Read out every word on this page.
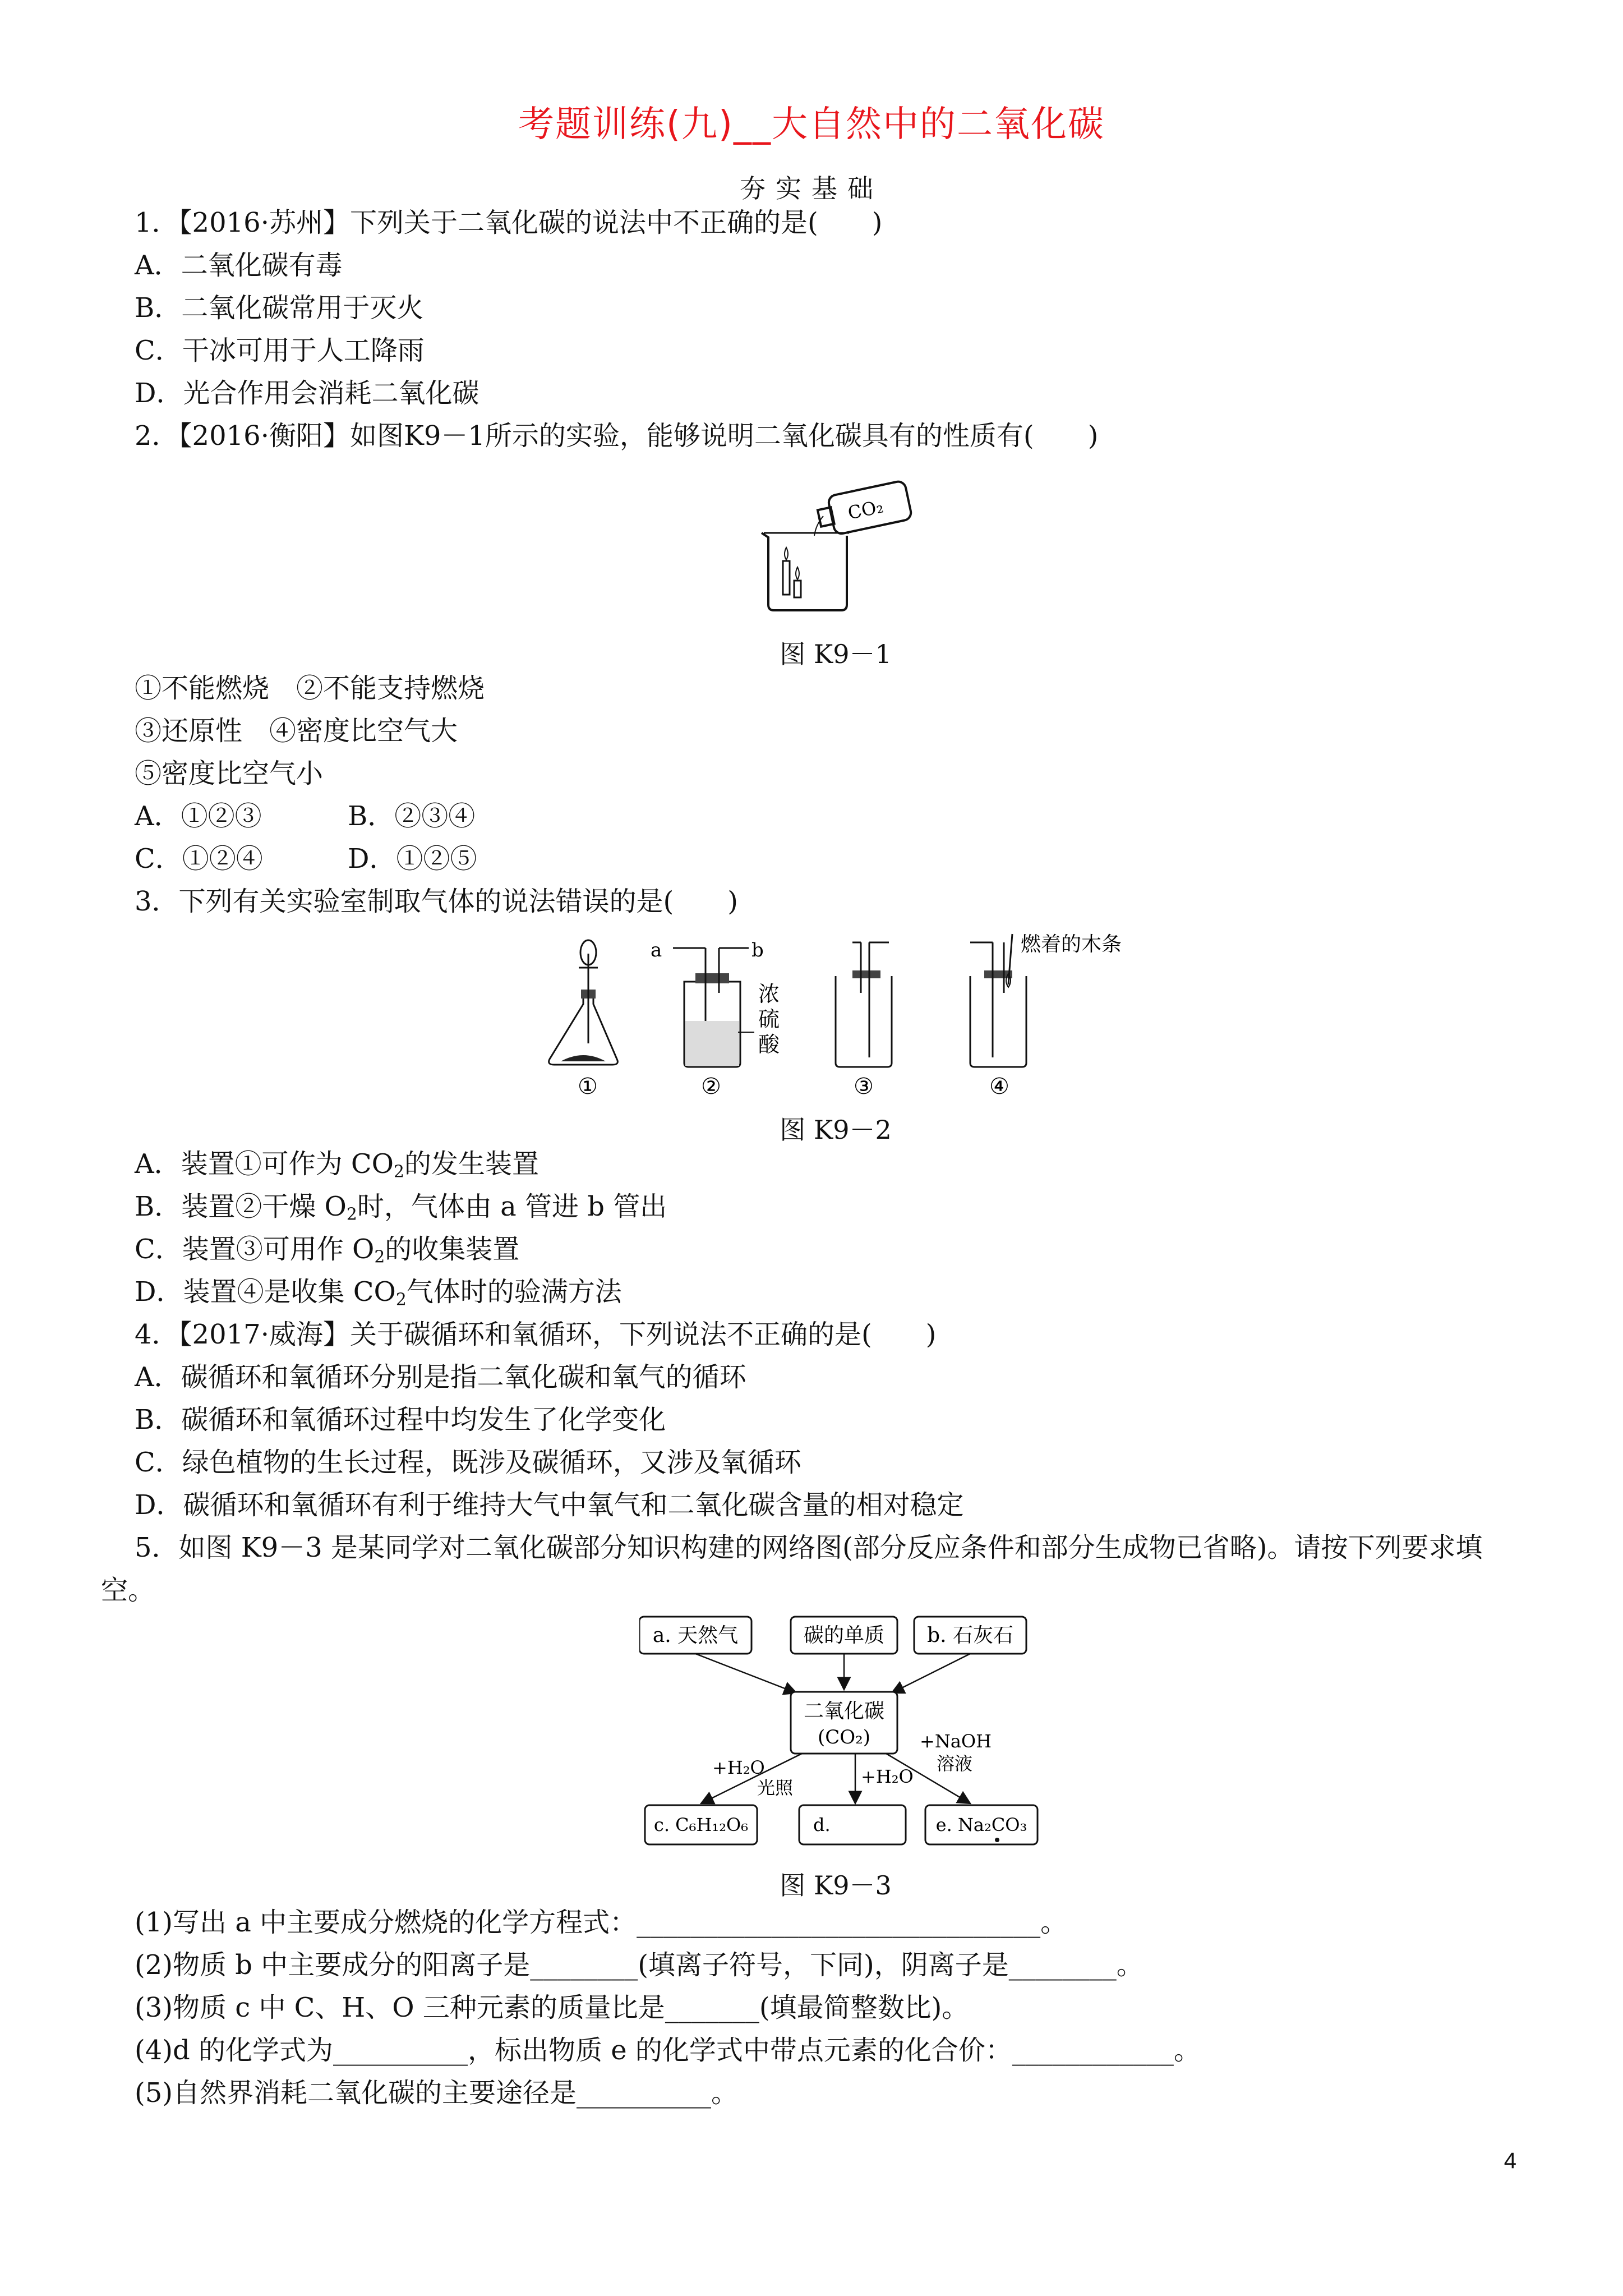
考题训练(九)__大自然中的二氧化碳
夯实基础
1．【2016·苏州】下列关于二氧化碳的说法中不正确的是(　　)
A．二氧化碳有毒
B．二氧化碳常用于灭火
C．干冰可用于人工降雨
D．光合作用会消耗二氧化碳
2．【2016·衡阳】如图K9－1所示的实验，能够说明二氧化碳具有的性质有(　　)
CO₂
图 K9－1
①不能燃烧　②不能支持燃烧
③还原性　④密度比空气大
⑤密度比空气小
A．①②③	B．②③④
C．①②④	D．①②⑤
3．下列有关实验室制取气体的说法错误的是(　　)
①
a	b
浓
硫
酸
②	③
燃着的木条
④
图 K9－2
A．装置①可作为 $CO_2$的发生装置
B．装置②干燥 $O_2$时，气体由 a 管进 b 管出
C．装置③可用作 $O_2$的收集装置
D．装置④是收集 $CO_2$气体时的验满方法
4．【2017·威海】关于碳循环和氧循环，下列说法不正确的是(　　)
A．碳循环和氧循环分别是指二氧化碳和氧气的循环
B．碳循环和氧循环过程中均发生了化学变化
C．绿色植物的生长过程，既涉及碳循环，又涉及氧循环
D．碳循环和氧循环有利于维持大气中氧气和二氧化碳含量的相对稳定
5．如图 K9－3 是某同学对二氧化碳部分知识构建的网络图(部分反应条件和部分生成物已省略)。请按下列要求填
空。
a. 天然气	碳的单质 b. 石灰石
二氧化碳
(CO₂)
+H₂O
光照
+H₂O
+NaOH
溶液
c. C₆H₁₂O₆	d.	e. Na₂CO₃
图 K9－3
(1)写出 a 中主要成分燃烧的化学方程式：______________________________。
(2)物质 b 中主要成分的阳离子是________(填离子符号，下同)，阴离子是________。
(3)物质 c 中 C、H、O 三种元素的质量比是_______(填最简整数比)。
(4)d 的化学式为__________，标出物质 e 的化学式中带点元素的化合价：____________。
(5)自然界消耗二氧化碳的主要途径是__________。
4
